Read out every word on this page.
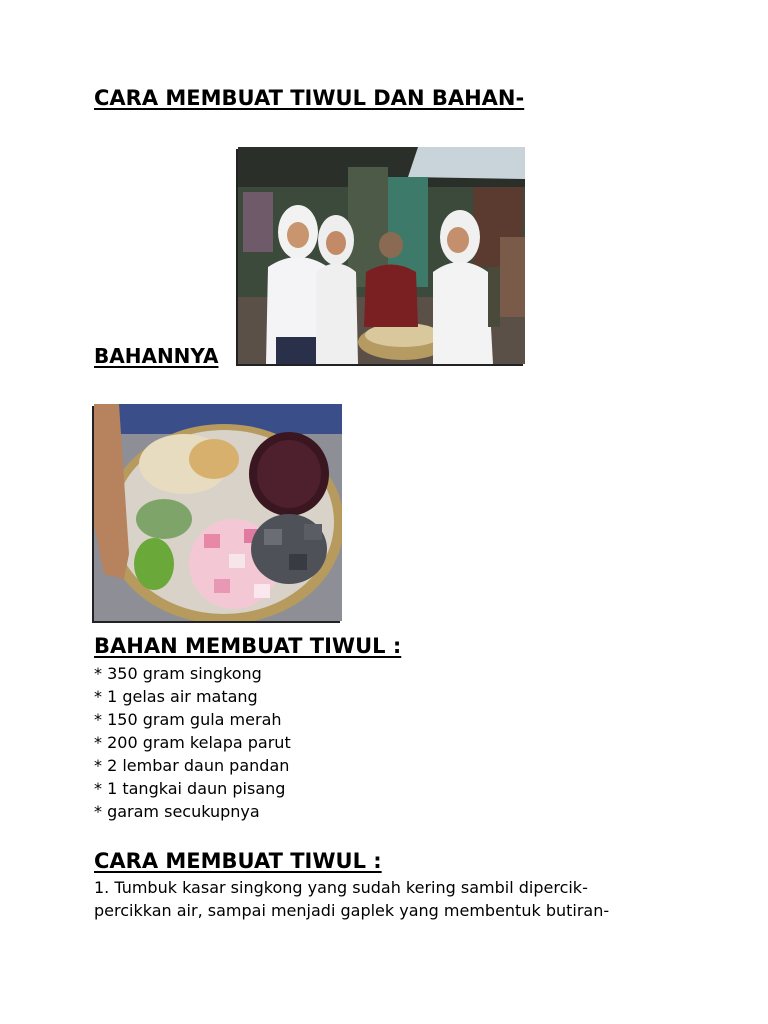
CARA MEMBUAT TIWUL DAN BAHAN-
BAHANNYA
BAHAN MEMBUAT TIWUL :
* 350 gram singkong
* 1 gelas air matang
* 150 gram gula merah
* 200 gram kelapa parut
* 2 lembar daun pandan
* 1 tangkai daun pisang
* garam secukupnya
CARA MEMBUAT TIWUL :

1. Tumbuk kasar singkong yang sudah kering sambil dipercik-

percikkan air, sampai menjadi gaplek yang membentuk butiran-
